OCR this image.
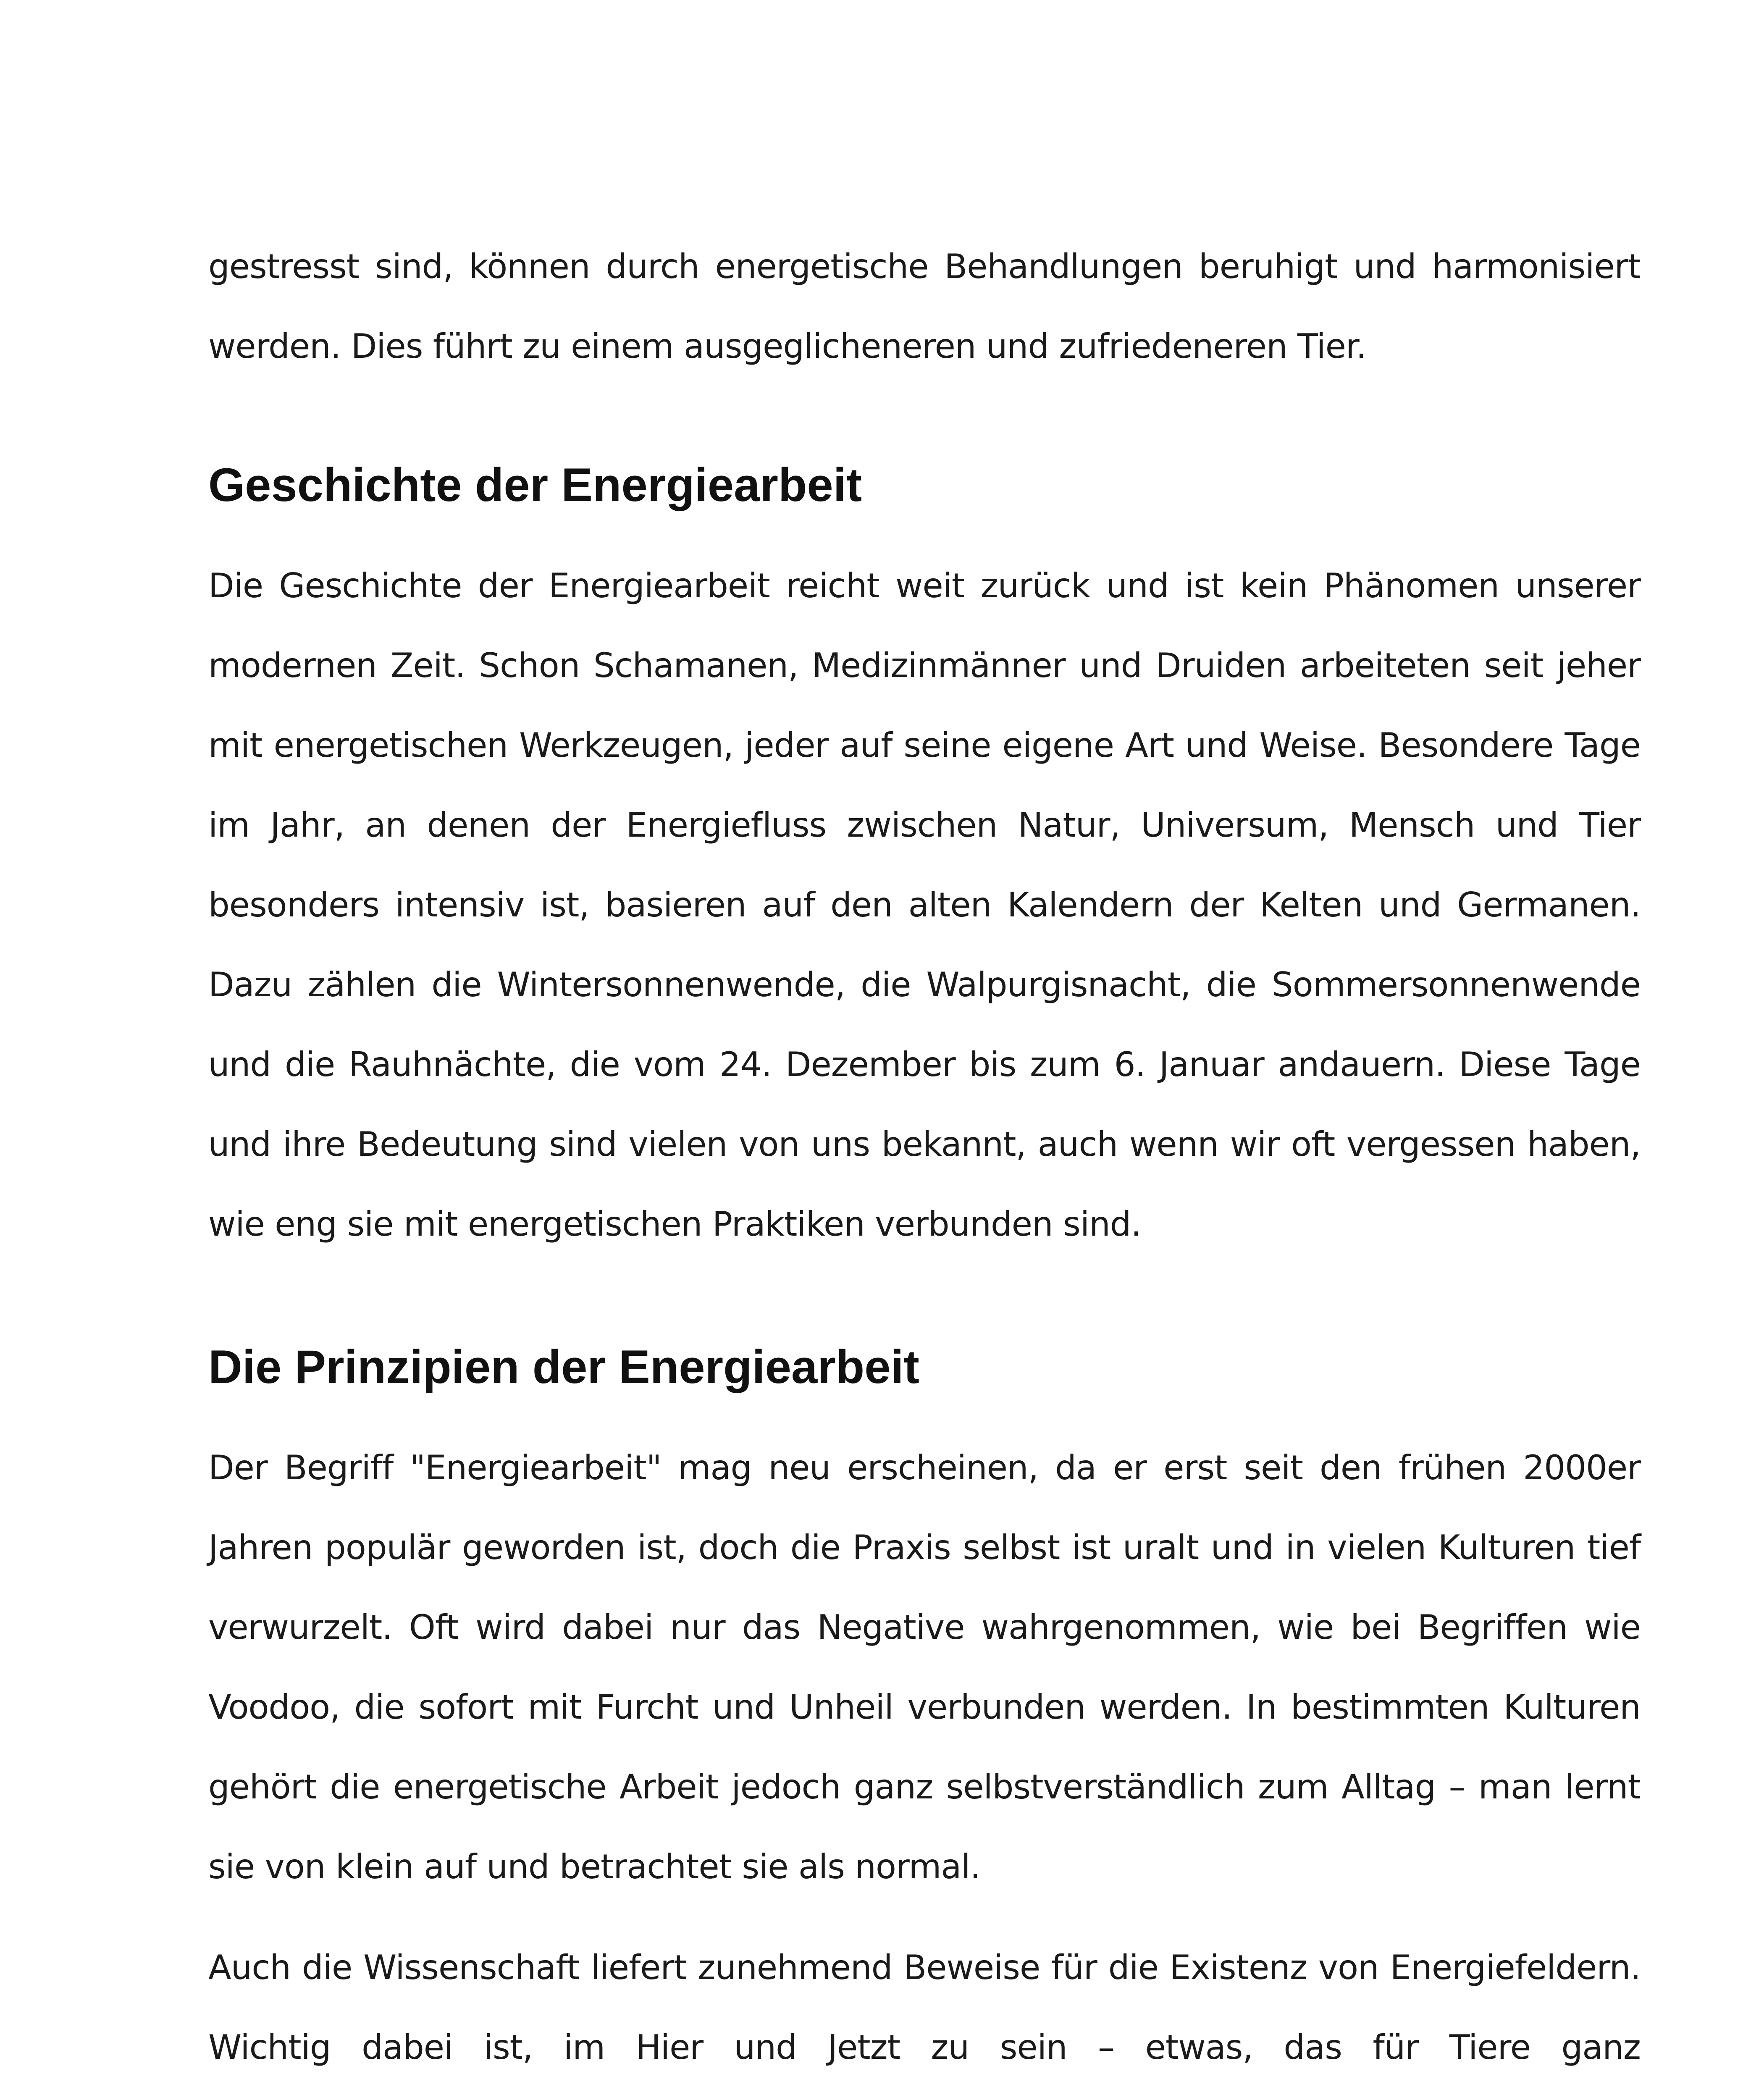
gestresst sind, können durch energetische Behandlungen beruhigt und harmonisiert werden. Dies führt zu einem ausgeglicheneren und zufriedeneren Tier.

Geschichte der Energiearbeit

Die Geschichte der Energiearbeit reicht weit zurück und ist kein Phänomen unserer modernen Zeit. Schon Schamanen, Medizinmänner und Druiden arbeiteten seit jeher mit energetischen Werkzeugen, jeder auf seine eigene Art und Weise. Besondere Tage im Jahr, an denen der Energiefluss zwischen Natur, Universum, Mensch und Tier besonders intensiv ist, basieren auf den alten Kalendern der Kelten und Germanen. Dazu zählen die Wintersonnenwende, die Walpurgisnacht, die Sommersonnenwende und die Rauhnächte, die vom 24. Dezember bis zum 6. Januar andauern. Diese Tage und ihre Bedeutung sind vielen von uns bekannt, auch wenn wir oft vergessen haben, wie eng sie mit energetischen Praktiken verbunden sind.

Die Prinzipien der Energiearbeit

Der Begriff "Energiearbeit" mag neu erscheinen, da er erst seit den frühen 2000er Jahren populär geworden ist, doch die Praxis selbst ist uralt und in vielen Kulturen tief verwurzelt. Oft wird dabei nur das Negative wahrgenommen, wie bei Begriffen wie Voodoo, die sofort mit Furcht und Unheil verbunden werden. In bestimmten Kulturen gehört die energetische Arbeit jedoch ganz selbstverständlich zum Alltag – man lernt sie von klein auf und betrachtet sie als normal.

Auch die Wissenschaft liefert zunehmend Beweise für die Existenz von Energiefeldern. Wichtig dabei ist, im Hier und Jetzt zu sein – etwas, das für Tiere ganz
